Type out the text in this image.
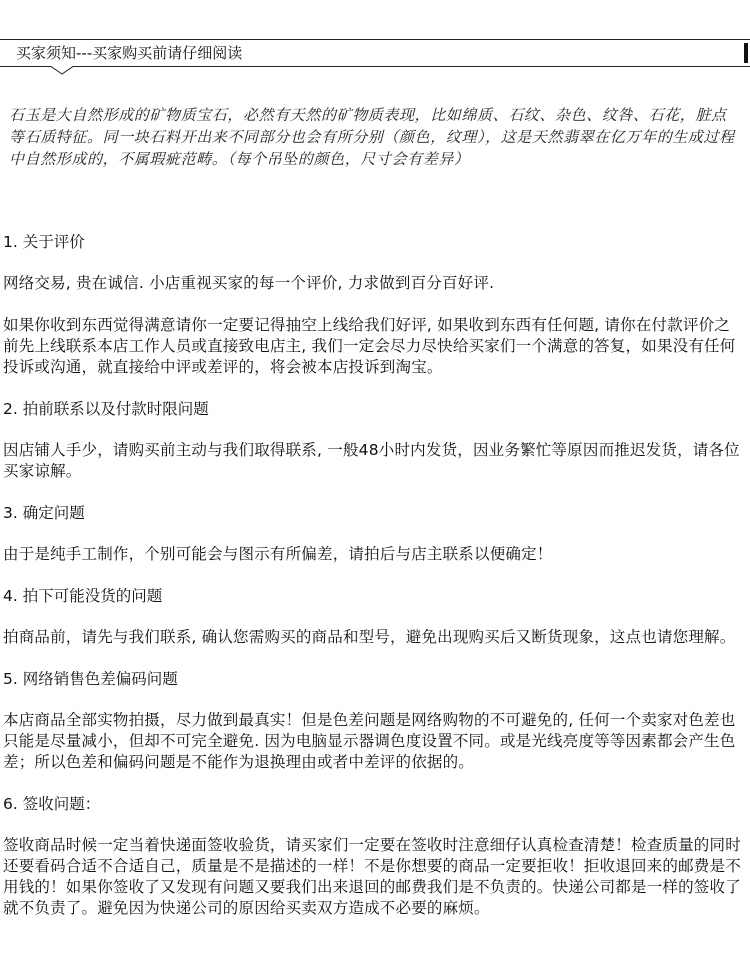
买家须知---买家购买前请仔细阅读
石玉是大自然形成的矿物质宝石，必然有天然的矿物质表现，比如绵质、石纹、杂色、纹咎、石花，脏点等石质特征。同一块石料开出来不同部分也会有所分别（颜色，纹理），这是天然翡翠在亿万年的生成过程中自然形成的，不属瑕疵范畴。（每个吊坠的颜色，尺寸会有差异）
1. 关于评价
网络交易, 贵在诚信. 小店重视买家的每一个评价, 力求做到百分百好评.
如果你收到东西觉得满意请你一定要记得抽空上线给我们好评, 如果收到东西有任何题, 请你在付款评价之前先上线联系本店工作人员或直接致电店主, 我们一定会尽力尽快给买家们一个满意的答复，如果没有任何投诉或沟通，就直接给中评或差评的，将会被本店投诉到淘宝。
2. 拍前联系以及付款时限问题
因店铺人手少，请购买前主动与我们取得联系, 一般48小时内发货，因业务繁忙等原因而推迟发货，请各位买家谅解。
3. 确定问题
由于是纯手工制作，个别可能会与图示有所偏差，请拍后与店主联系以便确定！
4. 拍下可能没货的问题
拍商品前，请先与我们联系, 确认您需购买的商品和型号，避免出现购买后又断货现象，这点也请您理解。
5. 网络销售色差偏码问题
本店商品全部实物拍摄，尽力做到最真实！但是色差问题是网络购物的不可避免的, 任何一个卖家对色差也只能是尽量减小，但却不可完全避免. 因为电脑显示器调色度设置不同。或是光线亮度等等因素都会产生色差；所以色差和偏码问题是不能作为退换理由或者中差评的依据的。
6. 签收问题：
签收商品时候一定当着快递面签收验货，请买家们一定要在签收时注意细仔认真检查清楚！检查质量的同时还要看码合适不合适自己，质量是不是描述的一样！不是你想要的商品一定要拒收！拒收退回来的邮费是不用钱的！如果你签收了又发现有问题又要我们出来退回的邮费我们是不负责的。快递公司都是一样的签收了就不负责了。避免因为快递公司的原因给买卖双方造成不必要的麻烦。
